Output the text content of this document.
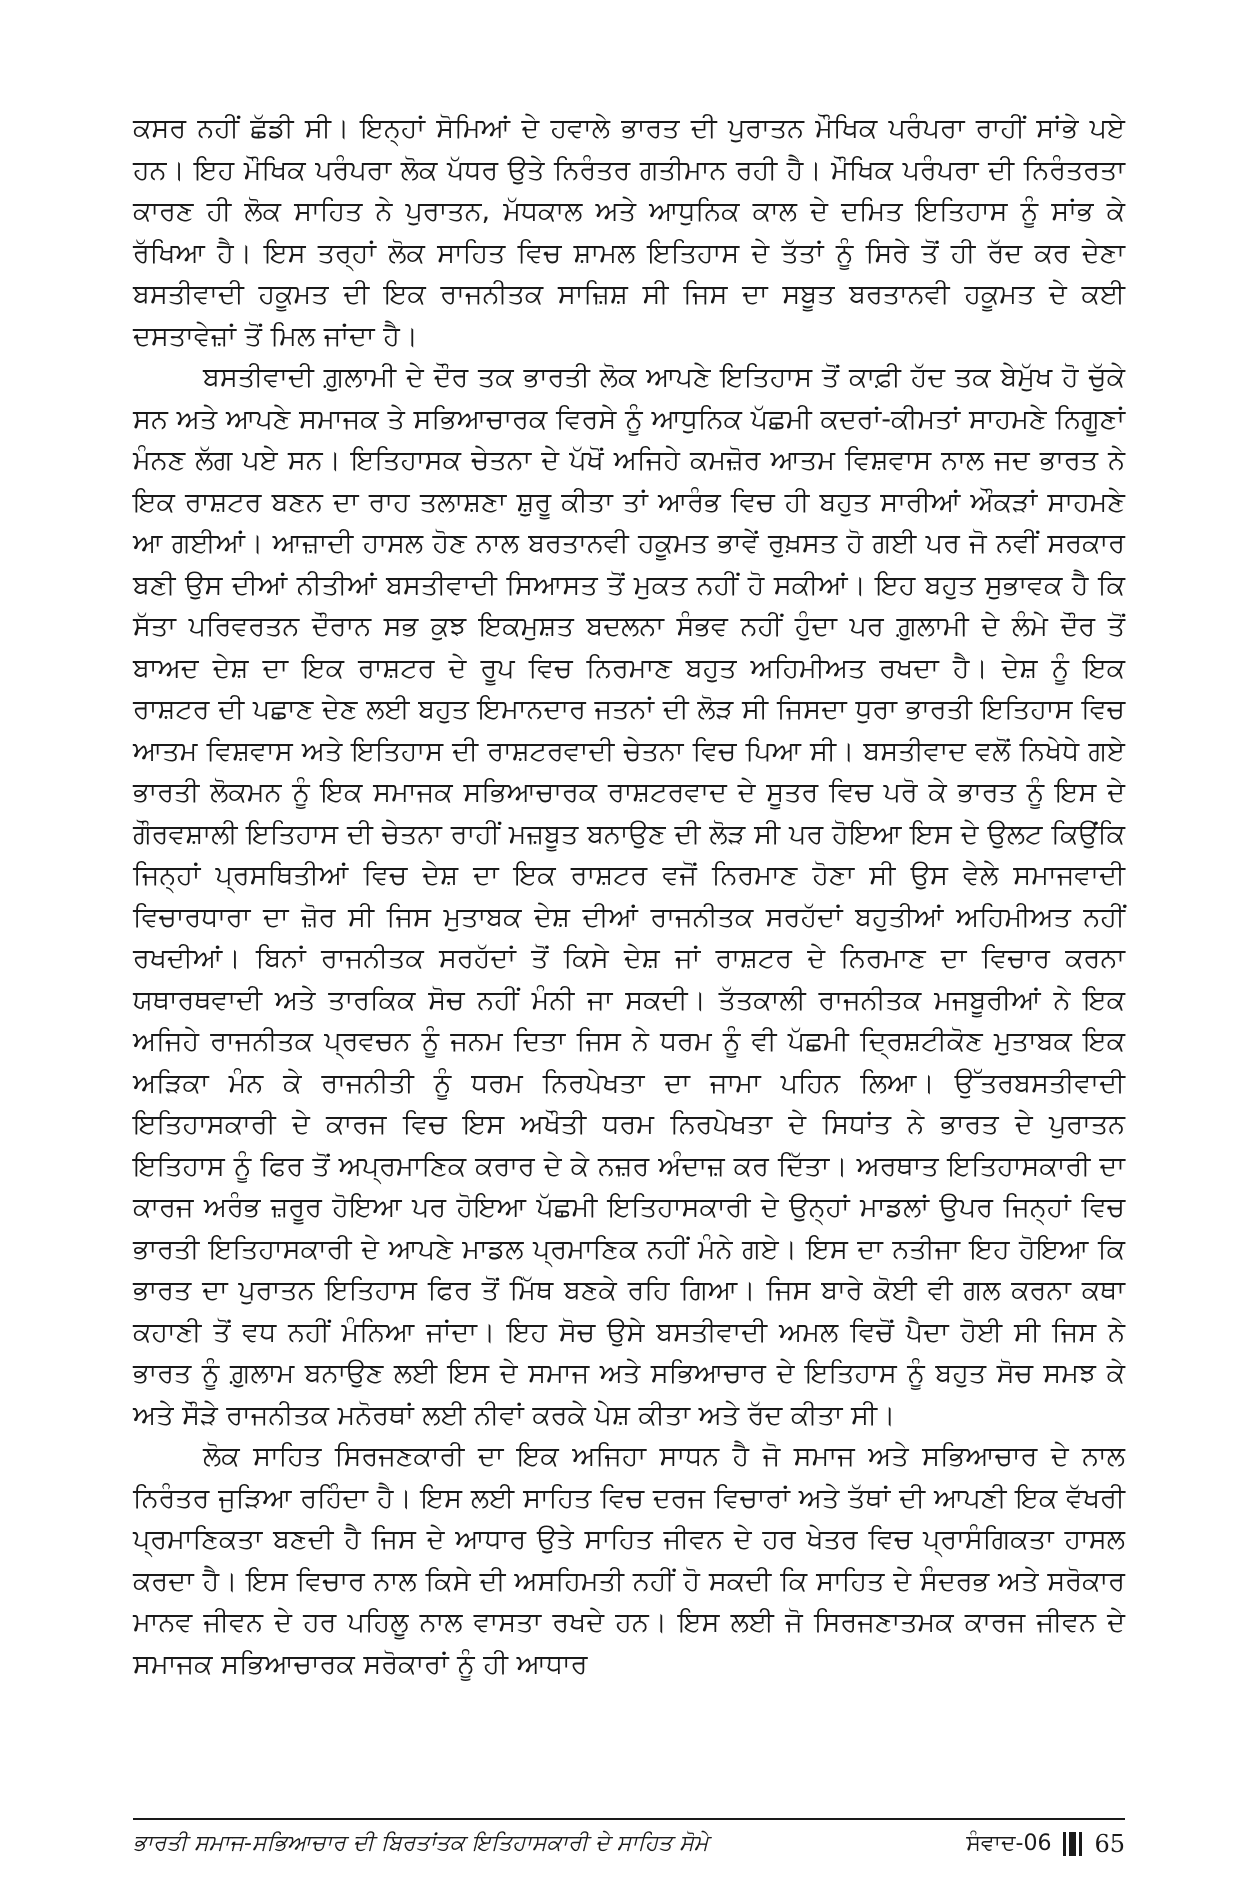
ਕਸਰ ਨਹੀਂ ਛੱਡੀ ਸੀ। ਇਨ੍ਹਾਂ ਸੋਮਿਆਂ ਦੇ ਹਵਾਲੇ ਭਾਰਤ ਦੀ ਪੁਰਾਤਨ ਮੌਖਿਕ ਪਰੰਪਰਾ ਰਾਹੀਂ ਸਾਂਭੇ ਪਏ ਹਨ। ਇਹ ਮੌਖਿਕ ਪਰੰਪਰਾ ਲੋਕ ਪੱਧਰ ਉਤੇ ਨਿਰੰਤਰ ਗਤੀਮਾਨ ਰਹੀ ਹੈ। ਮੌਖਿਕ ਪਰੰਪਰਾ ਦੀ ਨਿਰੰਤਰਤਾ ਕਾਰਣ ਹੀ ਲੋਕ ਸਾਹਿਤ ਨੇ ਪੁਰਾਤਨ, ਮੱਧਕਾਲ ਅਤੇ ਆਧੁਨਿਕ ਕਾਲ ਦੇ ਦਮਿਤ ਇਤਿਹਾਸ ਨੂੰ ਸਾਂਭ ਕੇ ਰੱਖਿਆ ਹੈ। ਇਸ ਤਰ੍ਹਾਂ ਲੋਕ ਸਾਹਿਤ ਵਿਚ ਸ਼ਾਮਲ ਇਤਿਹਾਸ ਦੇ ਤੱਤਾਂ ਨੂੰ ਸਿਰੇ ਤੋਂ ਹੀ ਰੱਦ ਕਰ ਦੇਣਾ ਬਸਤੀਵਾਦੀ ਹਕੂਮਤ ਦੀ ਇਕ ਰਾਜਨੀਤਕ ਸਾਜ਼ਿਸ਼ ਸੀ ਜਿਸ ਦਾ ਸਬੂਤ ਬਰਤਾਨਵੀ ਹਕੂਮਤ ਦੇ ਕਈ ਦਸਤਾਵੇਜ਼ਾਂ ਤੋਂ ਮਿਲ ਜਾਂਦਾ ਹੈ।

ਬਸਤੀਵਾਦੀ ਗ਼ੁਲਾਮੀ ਦੇ ਦੌਰ ਤਕ ਭਾਰਤੀ ਲੋਕ ਆਪਣੇ ਇਤਿਹਾਸ ਤੋਂ ਕਾਫ਼ੀ ਹੱਦ ਤਕ ਬੇਮੁੱਖ ਹੋ ਚੁੱਕੇ ਸਨ ਅਤੇ ਆਪਣੇ ਸਮਾਜਕ ਤੇ ਸਭਿਆਚਾਰਕ ਵਿਰਸੇ ਨੂੰ ਆਧੁਨਿਕ ਪੱਛਮੀ ਕਦਰਾਂ-ਕੀਮਤਾਂ ਸਾਹਮਣੇ ਨਿਗੂਣਾਂ ਮੰਨਣ ਲੱਗ ਪਏ ਸਨ। ਇਤਿਹਾਸਕ ਚੇਤਨਾ ਦੇ ਪੱਖੋਂ ਅਜਿਹੇ ਕਮਜ਼ੋਰ ਆਤਮ ਵਿਸ਼ਵਾਸ ਨਾਲ ਜਦ ਭਾਰਤ ਨੇ ਇਕ ਰਾਸ਼ਟਰ ਬਣਨ ਦਾ ਰਾਹ ਤਲਾਸ਼ਣਾ ਸ਼ੁਰੂ ਕੀਤਾ ਤਾਂ ਆਰੰਭ ਵਿਚ ਹੀ ਬਹੁਤ ਸਾਰੀਆਂ ਔਕੜਾਂ ਸਾਹਮਣੇ ਆ ਗਈਆਂ। ਆਜ਼ਾਦੀ ਹਾਸਲ ਹੋਣ ਨਾਲ ਬਰਤਾਨਵੀ ਹਕੂਮਤ ਭਾਵੇਂ ਰੁਖ਼ਸਤ ਹੋ ਗਈ ਪਰ ਜੋ ਨਵੀਂ ਸਰਕਾਰ ਬਣੀ ਉਸ ਦੀਆਂ ਨੀਤੀਆਂ ਬਸਤੀਵਾਦੀ ਸਿਆਸਤ ਤੋਂ ਮੁਕਤ ਨਹੀਂ ਹੋ ਸਕੀਆਂ। ਇਹ ਬਹੁਤ ਸੁਭਾਵਕ ਹੈ ਕਿ ਸੱਤਾ ਪਰਿਵਰਤਨ ਦੌਰਾਨ ਸਭ ਕੁਝ ਇਕਮੁਸ਼ਤ ਬਦਲਨਾ ਸੰਭਵ ਨਹੀਂ ਹੁੰਦਾ ਪਰ ਗ਼ੁਲਾਮੀ ਦੇ ਲੰਮੇ ਦੌਰ ਤੋਂ ਬਾਅਦ ਦੇਸ਼ ਦਾ ਇਕ ਰਾਸ਼ਟਰ ਦੇ ਰੂਪ ਵਿਚ ਨਿਰਮਾਣ ਬਹੁਤ ਅਹਿਮੀਅਤ ਰਖਦਾ ਹੈ। ਦੇਸ਼ ਨੂੰ ਇਕ ਰਾਸ਼ਟਰ ਦੀ ਪਛਾਣ ਦੇਣ ਲਈ ਬਹੁਤ ਇਮਾਨਦਾਰ ਜਤਨਾਂ ਦੀ ਲੋੜ ਸੀ ਜਿਸਦਾ ਧੁਰਾ ਭਾਰਤੀ ਇਤਿਹਾਸ ਵਿਚ ਆਤਮ ਵਿਸ਼ਵਾਸ ਅਤੇ ਇਤਿਹਾਸ ਦੀ ਰਾਸ਼ਟਰਵਾਦੀ ਚੇਤਨਾ ਵਿਚ ਪਿਆ ਸੀ। ਬਸਤੀਵਾਦ ਵਲੋਂ ਨਿਖੇਧੇ ਗਏ ਭਾਰਤੀ ਲੋਕਮਨ ਨੂੰ ਇਕ ਸਮਾਜਕ ਸਭਿਆਚਾਰਕ ਰਾਸ਼ਟਰਵਾਦ ਦੇ ਸੂਤਰ ਵਿਚ ਪਰੋ ਕੇ ਭਾਰਤ ਨੂੰ ਇਸ ਦੇ ਗੌਰਵਸ਼ਾਲੀ ਇਤਿਹਾਸ ਦੀ ਚੇਤਨਾ ਰਾਹੀਂ ਮਜ਼ਬੂਤ ਬਨਾਉਣ ਦੀ ਲੋੜ ਸੀ ਪਰ ਹੋਇਆ ਇਸ ਦੇ ਉਲਟ ਕਿਉਂਕਿ ਜਿਨ੍ਹਾਂ ਪ੍ਰਸਥਿਤੀਆਂ ਵਿਚ ਦੇਸ਼ ਦਾ ਇਕ ਰਾਸ਼ਟਰ ਵਜੋਂ ਨਿਰਮਾਣ ਹੋਣਾ ਸੀ ਉਸ ਵੇਲੇ ਸਮਾਜਵਾਦੀ ਵਿਚਾਰਧਾਰਾ ਦਾ ਜ਼ੋਰ ਸੀ ਜਿਸ ਮੁਤਾਬਕ ਦੇਸ਼ ਦੀਆਂ ਰਾਜਨੀਤਕ ਸਰਹੱਦਾਂ ਬਹੁਤੀਆਂ ਅਹਿਮੀਅਤ ਨਹੀਂ ਰਖਦੀਆਂ। ਬਿਨਾਂ ਰਾਜਨੀਤਕ ਸਰਹੱਦਾਂ ਤੋਂ ਕਿਸੇ ਦੇਸ਼ ਜਾਂ ਰਾਸ਼ਟਰ ਦੇ ਨਿਰਮਾਣ ਦਾ ਵਿਚਾਰ ਕਰਨਾ ਯਥਾਰਥਵਾਦੀ ਅਤੇ ਤਾਰਕਿਕ ਸੋਚ ਨਹੀਂ ਮੰਨੀ ਜਾ ਸਕਦੀ। ਤੱਤਕਾਲੀ ਰਾਜਨੀਤਕ ਮਜਬੂਰੀਆਂ ਨੇ ਇਕ ਅਜਿਹੇ ਰਾਜਨੀਤਕ ਪ੍ਰਵਚਨ ਨੂੰ ਜਨਮ ਦਿਤਾ ਜਿਸ ਨੇ ਧਰਮ ਨੂੰ ਵੀ ਪੱਛਮੀ ਦ੍ਰਿਸ਼ਟੀਕੋਣ ਮੁਤਾਬਕ ਇਕ ਅੜਿਕਾ ਮੰਨ ਕੇ ਰਾਜਨੀਤੀ ਨੂੰ ਧਰਮ ਨਿਰਪੇਖਤਾ ਦਾ ਜਾਮਾ ਪਹਿਨ ਲਿਆ। ਉੱਤਰਬਸਤੀਵਾਦੀ ਇਤਿਹਾਸਕਾਰੀ ਦੇ ਕਾਰਜ ਵਿਚ ਇਸ ਅਖੌਤੀ ਧਰਮ ਨਿਰਪੇਖਤਾ ਦੇ ਸਿਧਾਂਤ ਨੇ ਭਾਰਤ ਦੇ ਪੁਰਾਤਨ ਇਤਿਹਾਸ ਨੂੰ ਫਿਰ ਤੋਂ ਅਪ੍ਰਮਾਣਿਕ ਕਰਾਰ ਦੇ ਕੇ ਨਜ਼ਰ ਅੰਦਾਜ਼ ਕਰ ਦਿੱਤਾ। ਅਰਥਾਤ ਇਤਿਹਾਸਕਾਰੀ ਦਾ ਕਾਰਜ ਅਰੰਭ ਜ਼ਰੂਰ ਹੋਇਆ ਪਰ ਹੋਇਆ ਪੱਛਮੀ ਇਤਿਹਾਸਕਾਰੀ ਦੇ ਉਨ੍ਹਾਂ ਮਾਡਲਾਂ ਉਪਰ ਜਿਨ੍ਹਾਂ ਵਿਚ ਭਾਰਤੀ ਇਤਿਹਾਸਕਾਰੀ ਦੇ ਆਪਣੇ ਮਾਡਲ ਪ੍ਰਮਾਣਿਕ ਨਹੀਂ ਮੰਨੇ ਗਏ। ਇਸ ਦਾ ਨਤੀਜਾ ਇਹ ਹੋਇਆ ਕਿ ਭਾਰਤ ਦਾ ਪੁਰਾਤਨ ਇਤਿਹਾਸ ਫਿਰ ਤੋਂ ਮਿੱਥ ਬਣਕੇ ਰਹਿ ਗਿਆ। ਜਿਸ ਬਾਰੇ ਕੋਈ ਵੀ ਗਲ ਕਰਨਾ ਕਥਾ ਕਹਾਣੀ ਤੋਂ ਵਧ ਨਹੀਂ ਮੰਨਿਆ ਜਾਂਦਾ। ਇਹ ਸੋਚ ਉਸੇ ਬਸਤੀਵਾਦੀ ਅਮਲ ਵਿਚੋਂ ਪੈਦਾ ਹੋਈ ਸੀ ਜਿਸ ਨੇ ਭਾਰਤ ਨੂੰ ਗ਼ੁਲਾਮ ਬਨਾਉਣ ਲਈ ਇਸ ਦੇ ਸਮਾਜ ਅਤੇ ਸਭਿਆਚਾਰ ਦੇ ਇਤਿਹਾਸ ਨੂੰ ਬਹੁਤ ਸੋਚ ਸਮਝ ਕੇ ਅਤੇ ਸੌੜੇ ਰਾਜਨੀਤਕ ਮਨੋਰਥਾਂ ਲਈ ਨੀਵਾਂ ਕਰਕੇ ਪੇਸ਼ ਕੀਤਾ ਅਤੇ ਰੱਦ ਕੀਤਾ ਸੀ।

ਲੋਕ ਸਾਹਿਤ ਸਿਰਜਣਕਾਰੀ ਦਾ ਇਕ ਅਜਿਹਾ ਸਾਧਨ ਹੈ ਜੋ ਸਮਾਜ ਅਤੇ ਸਭਿਆਚਾਰ ਦੇ ਨਾਲ ਨਿਰੰਤਰ ਜੁੜਿਆ ਰਹਿੰਦਾ ਹੈ। ਇਸ ਲਈ ਸਾਹਿਤ ਵਿਚ ਦਰਜ ਵਿਚਾਰਾਂ ਅਤੇ ਤੱਥਾਂ ਦੀ ਆਪਣੀ ਇਕ ਵੱਖਰੀ ਪ੍ਰਮਾਣਿਕਤਾ ਬਣਦੀ ਹੈ ਜਿਸ ਦੇ ਆਧਾਰ ਉਤੇ ਸਾਹਿਤ ਜੀਵਨ ਦੇ ਹਰ ਖੇਤਰ ਵਿਚ ਪ੍ਰਾਸੰਗਿਕਤਾ ਹਾਸਲ ਕਰਦਾ ਹੈ। ਇਸ ਵਿਚਾਰ ਨਾਲ ਕਿਸੇ ਦੀ ਅਸਹਿਮਤੀ ਨਹੀਂ ਹੋ ਸਕਦੀ ਕਿ ਸਾਹਿਤ ਦੇ ਸੰਦਰਭ ਅਤੇ ਸਰੋਕਾਰ ਮਾਨਵ ਜੀਵਨ ਦੇ ਹਰ ਪਹਿਲੂ ਨਾਲ ਵਾਸਤਾ ਰਖਦੇ ਹਨ। ਇਸ ਲਈ ਜੋ ਸਿਰਜਣਾਤਮਕ ਕਾਰਜ ਜੀਵਨ ਦੇ ਸਮਾਜਕ ਸਭਿਆਚਾਰਕ ਸਰੋਕਾਰਾਂ ਨੂੰ ਹੀ ਆਧਾਰ

ਭਾਰਤੀ ਸਮਾਜ-ਸਭਿਆਚਾਰ ਦੀ ਬਿਰਤਾਂਤਕ ਇਤਿਹਾਸਕਾਰੀ ਦੇ ਸਾਹਿਤ ਸੋਮੇ	ਸੰਵਾਦ-06 65
